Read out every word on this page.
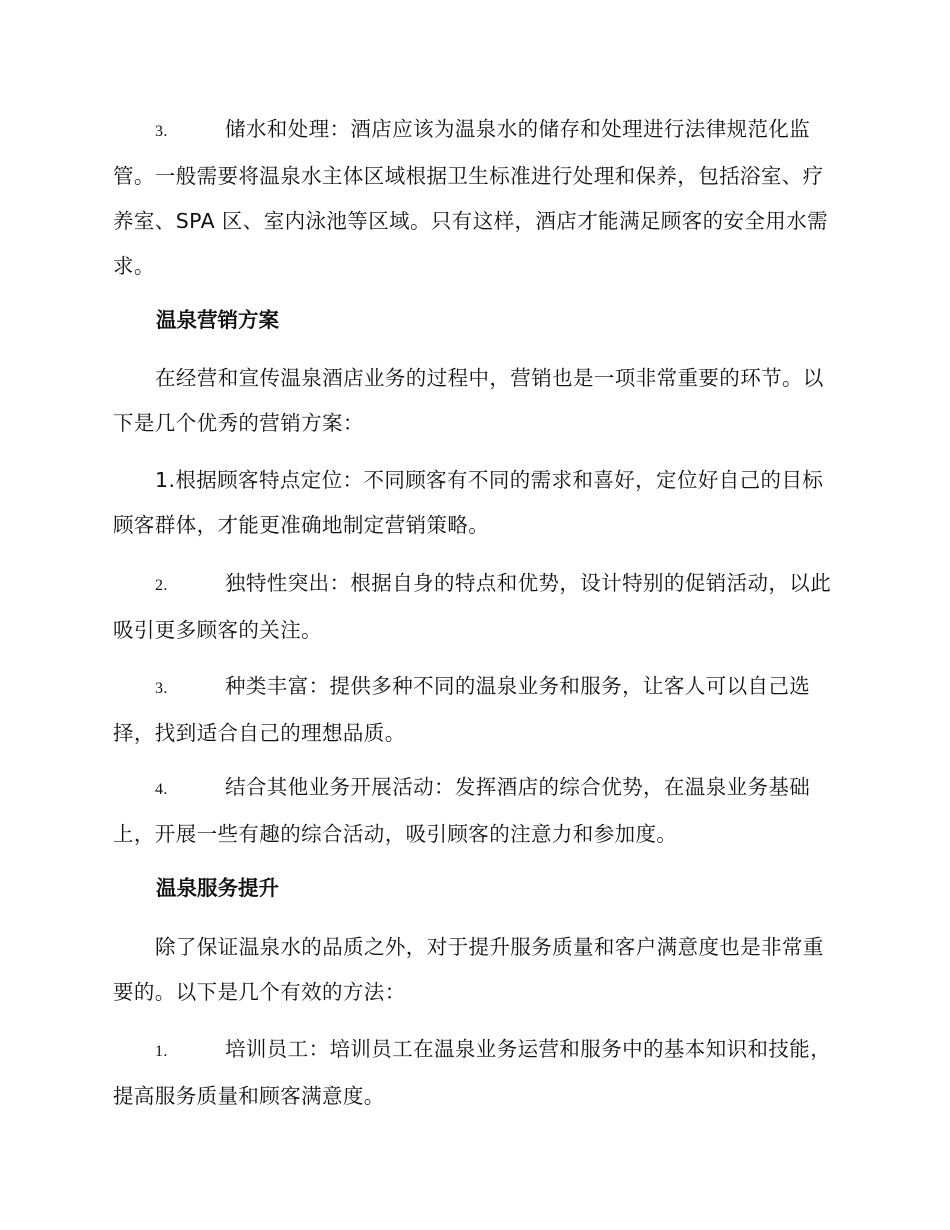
3.	储水和处理：酒店应该为温泉水的储存和处理进行法律规范化监管。一般需要将温泉水主体区域根据卫生标准进行处理和保养，包括浴室、疗养室、SPA 区、室内泳池等区域。只有这样，酒店才能满足顾客的安全用水需求。

温泉营销方案

在经营和宣传温泉酒店业务的过程中，营销也是一项非常重要的环节。以下是几个优秀的营销方案：

1.根据顾客特点定位：不同顾客有不同的需求和喜好，定位好自己的目标顾客群体，才能更准确地制定营销策略。

2.	独特性突出：根据自身的特点和优势，设计特别的促销活动，以此吸引更多顾客的关注。

3.	种类丰富：提供多种不同的温泉业务和服务，让客人可以自己选择，找到适合自己的理想品质。

4.	结合其他业务开展活动：发挥酒店的综合优势，在温泉业务基础上，开展一些有趣的综合活动，吸引顾客的注意力和参加度。

温泉服务提升

除了保证温泉水的品质之外，对于提升服务质量和客户满意度也是非常重要的。以下是几个有效的方法：

1.	培训员工：培训员工在温泉业务运营和服务中的基本知识和技能，提高服务质量和顾客满意度。
